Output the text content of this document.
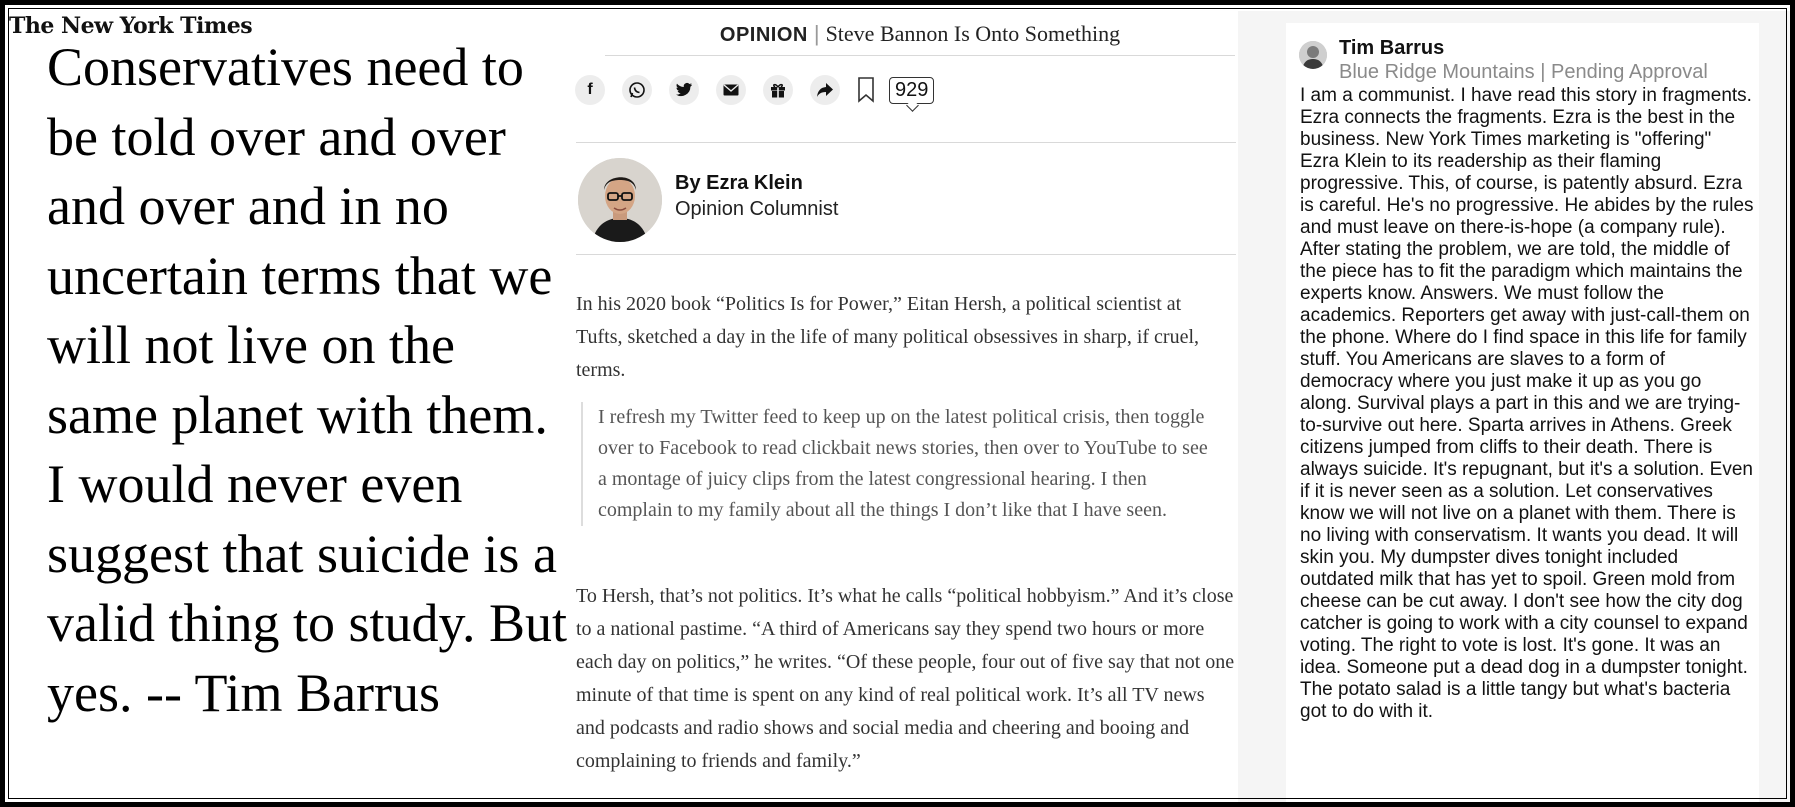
The New York Times	OPINION | Steve Bannon Is Onto Something
Conservatives need to be told over and over and over and in no uncertain terms that we will not live on the same planet with them. I would never even suggest that suicide is a valid thing to study. But yes. -- Tim Barrus
f	929
By Ezra Klein
Opinion Columnist
In his 2020 book “Politics Is for Power,” Eitan Hersh, a political scientist at Tufts, sketched a day in the life of many political obsessives in sharp, if cruel, terms.
I refresh my Twitter feed to keep up on the latest political crisis, then toggle over to Facebook to read clickbait news stories, then over to YouTube to see a montage of juicy clips from the latest congressional hearing. I then complain to my family about all the things I don’t like that I have seen.
To Hersh, that’s not politics. It’s what he calls “political hobbyism.” And it’s close to a national pastime. “A third of Americans say they spend two hours or more each day on politics,” he writes. “Of these people, four out of five say that not one minute of that time is spent on any kind of real political work. It’s all TV news and podcasts and radio shows and social media and cheering and booing and complaining to friends and family.”
Tim Barrus
Blue Ridge Mountains | Pending Approval
I am a communist. I have read this story in fragments. Ezra connects the fragments. Ezra is the best in the business. New York Times marketing is "offering" Ezra Klein to its readership as their flaming progressive. This, of course, is patently absurd. Ezra is careful. He's no progressive. He abides by the rules and must leave on there-is-hope (a company rule). After stating the problem, we are told, the middle of the piece has to fit the paradigm which maintains the experts know. Answers. We must follow the academics. Reporters get away with just-call-them on the phone. Where do I find space in this life for family stuff. You Americans are slaves to a form of democracy where you just make it up as you go along. Survival plays a part in this and we are trying-to-survive out here. Sparta arrives in Athens. Greek citizens jumped from cliffs to their death. There is always suicide. It's repugnant, but it's a solution. Even if it is never seen as a solution. Let conservatives know we will not live on a planet with them. There is no living with conservatism. It wants you dead. It will skin you. My dumpster dives tonight included outdated milk that has yet to spoil. Green mold from cheese can be cut away. I don't see how the city dog catcher is going to work with a city counsel to expand voting. The right to vote is lost. It's gone. It was an idea. Someone put a dead dog in a dumpster tonight. The potato salad is a little tangy but what's bacteria got to do with it.
